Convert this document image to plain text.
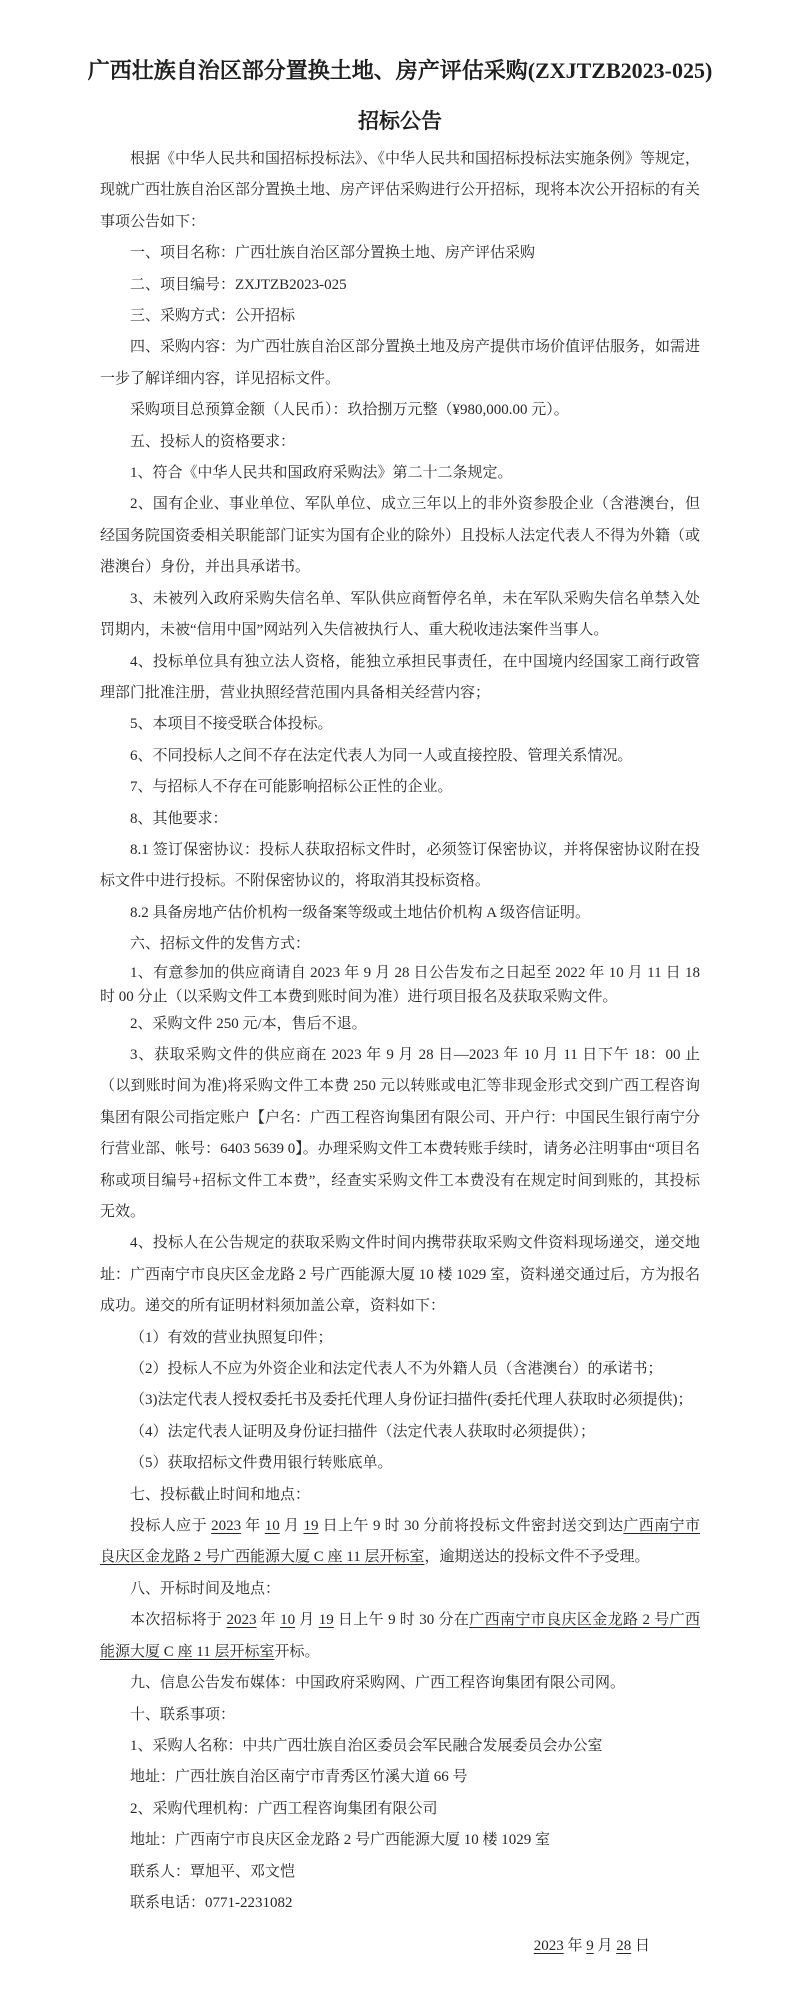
广西壮族自治区部分置换土地、房产评估采购(ZXJTZB2023-025)
招标公告

根据《中华人民共和国招标投标法》、《中华人民共和国招标投标法实施条例》等规定，现就广西壮族自治区部分置换土地、房产评估采购进行公开招标，现将本次公开招标的有关事项公告如下：

一、项目名称：广西壮族自治区部分置换土地、房产评估采购

二、项目编号：ZXJTZB2023-025

三、采购方式：公开招标

四、采购内容：为广西壮族自治区部分置换土地及房产提供市场价值评估服务，如需进一步了解详细内容，详见招标文件。

采购项目总预算金额（人民币）：玖拾捌万元整（¥980,000.00 元）。

五、投标人的资格要求：

1、符合《中华人民共和国政府采购法》第二十二条规定。

2、国有企业、事业单位、军队单位、成立三年以上的非外资参股企业（含港澳台，但经国务院国资委相关职能部门证实为国有企业的除外）且投标人法定代表人不得为外籍（或港澳台）身份，并出具承诺书。

3、未被列入政府采购失信名单、军队供应商暂停名单，未在军队采购失信名单禁入处罚期内，未被“信用中国”网站列入失信被执行人、重大税收违法案件当事人。

4、投标单位具有独立法人资格，能独立承担民事责任，在中国境内经国家工商行政管理部门批准注册，营业执照经营范围内具备相关经营内容；

5、本项目不接受联合体投标。

6、不同投标人之间不存在法定代表人为同一人或直接控股、管理关系情况。

7、与招标人不存在可能影响招标公正性的企业。

8、其他要求：

8.1 签订保密协议：投标人获取招标文件时，必须签订保密协议，并将保密协议附在投标文件中进行投标。不附保密协议的，将取消其投标资格。

8.2 具备房地产估价机构一级备案等级或土地估价机构 A 级咨信证明。

六、招标文件的发售方式：

1、有意参加的供应商请自 2023 年 9 月 28 日公告发布之日起至 2022 年 10 月 11 日 18 时 00 分止（以采购文件工本费到账时间为准）进行项目报名及获取采购文件。

2、采购文件 250 元/本，售后不退。

3、获取采购文件的供应商在 2023 年 9 月 28 日—2023 年 10 月 11 日下午 18：00 止（以到账时间为准)将采购文件工本费 250 元以转账或电汇等非现金形式交到广西工程咨询集团有限公司指定账户【户名：广西工程咨询集团有限公司、开户行：中国民生银行南宁分行营业部、帐号：6403 5639 0】。办理采购文件工本费转账手续时，请务必注明事由“项目名称或项目编号+招标文件工本费”，经查实采购文件工本费没有在规定时间到账的，其投标无效。

4、投标人在公告规定的获取采购文件时间内携带获取采购文件资料现场递交，递交地址：广西南宁市良庆区金龙路 2 号广西能源大厦 10 楼 1029 室，资料递交通过后，方为报名成功。递交的所有证明材料须加盖公章，资料如下：

（1）有效的营业执照复印件；

（2）投标人不应为外资企业和法定代表人不为外籍人员（含港澳台）的承诺书；

（3)法定代表人授权委托书及委托代理人身份证扫描件(委托代理人获取时必须提供)；

（4）法定代表人证明及身份证扫描件（法定代表人获取时必须提供）；

（5）获取招标文件费用银行转账底单。

七、投标截止时间和地点：

投标人应于 2023 年 10 月 19 日上午 9 时 30 分前将投标文件密封送交到达广西南宁市良庆区金龙路 2 号广西能源大厦 C 座 11 层开标室，逾期送达的投标文件不予受理。

八、开标时间及地点：

本次招标将于 2023 年 10 月 19 日上午 9 时 30 分在广西南宁市良庆区金龙路 2 号广西能源大厦 C 座 11 层开标室开标。

九、信息公告发布媒体：中国政府采购网、广西工程咨询集团有限公司网。

十、联系事项：

1、采购人名称：中共广西壮族自治区委员会军民融合发展委员会办公室

地址：广西壮族自治区南宁市青秀区竹溪大道 66 号

2、采购代理机构：广西工程咨询集团有限公司

地址：广西南宁市良庆区金龙路 2 号广西能源大厦 10 楼 1029 室

联系人：覃旭平、邓文恺

联系电话：0771-2231082

2023 年 9 月 28 日
